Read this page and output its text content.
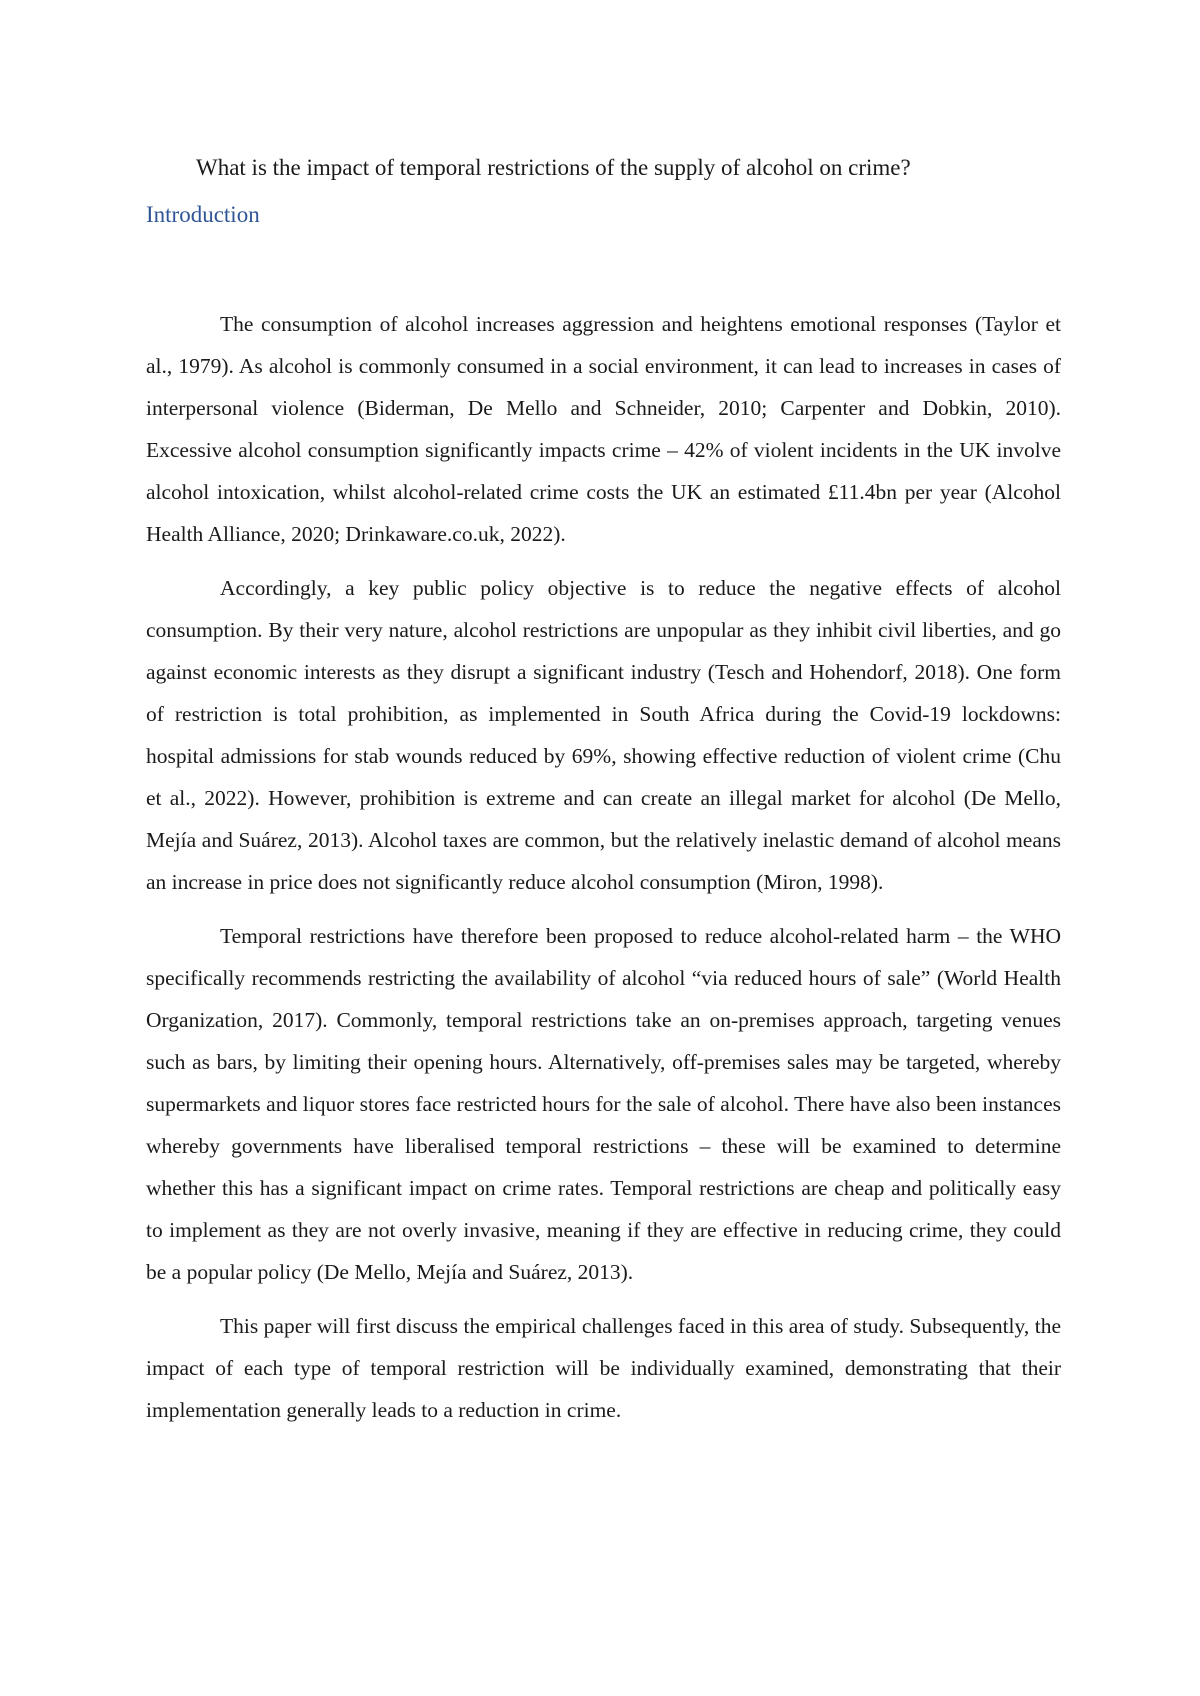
What is the impact of temporal restrictions of the supply of alcohol on crime?
Introduction

The consumption of alcohol increases aggression and heightens emotional responses (Taylor et al., 1979). As alcohol is commonly consumed in a social environment, it can lead to increases in cases of interpersonal violence (Biderman, De Mello and Schneider, 2010; Carpenter and Dobkin, 2010). Excessive alcohol consumption significantly impacts crime – 42% of violent incidents in the UK involve alcohol intoxication, whilst alcohol-related crime costs the UK an estimated £11.4bn per year (Alcohol Health Alliance, 2020; Drinkaware.co.uk, 2022).

Accordingly, a key public policy objective is to reduce the negative effects of alcohol consumption. By their very nature, alcohol restrictions are unpopular as they inhibit civil liberties, and go against economic interests as they disrupt a significant industry (Tesch and Hohendorf, 2018). One form of restriction is total prohibition, as implemented in South Africa during the Covid-19 lockdowns: hospital admissions for stab wounds reduced by 69%, showing effective reduction of violent crime (Chu et al., 2022). However, prohibition is extreme and can create an illegal market for alcohol (De Mello, Mejía and Suárez, 2013). Alcohol taxes are common, but the relatively inelastic demand of alcohol means an increase in price does not significantly reduce alcohol consumption (Miron, 1998).

Temporal restrictions have therefore been proposed to reduce alcohol-related harm – the WHO specifically recommends restricting the availability of alcohol “via reduced hours of sale” (World Health Organization, 2017). Commonly, temporal restrictions take an on-premises approach, targeting venues such as bars, by limiting their opening hours. Alternatively, off-premises sales may be targeted, whereby supermarkets and liquor stores face restricted hours for the sale of alcohol. There have also been instances whereby governments have liberalised temporal restrictions – these will be examined to determine whether this has a significant impact on crime rates. Temporal restrictions are cheap and politically easy to implement as they are not overly invasive, meaning if they are effective in reducing crime, they could be a popular policy (De Mello, Mejía and Suárez, 2013).

This paper will first discuss the empirical challenges faced in this area of study. Subsequently, the impact of each type of temporal restriction will be individually examined, demonstrating that their implementation generally leads to a reduction in crime.
